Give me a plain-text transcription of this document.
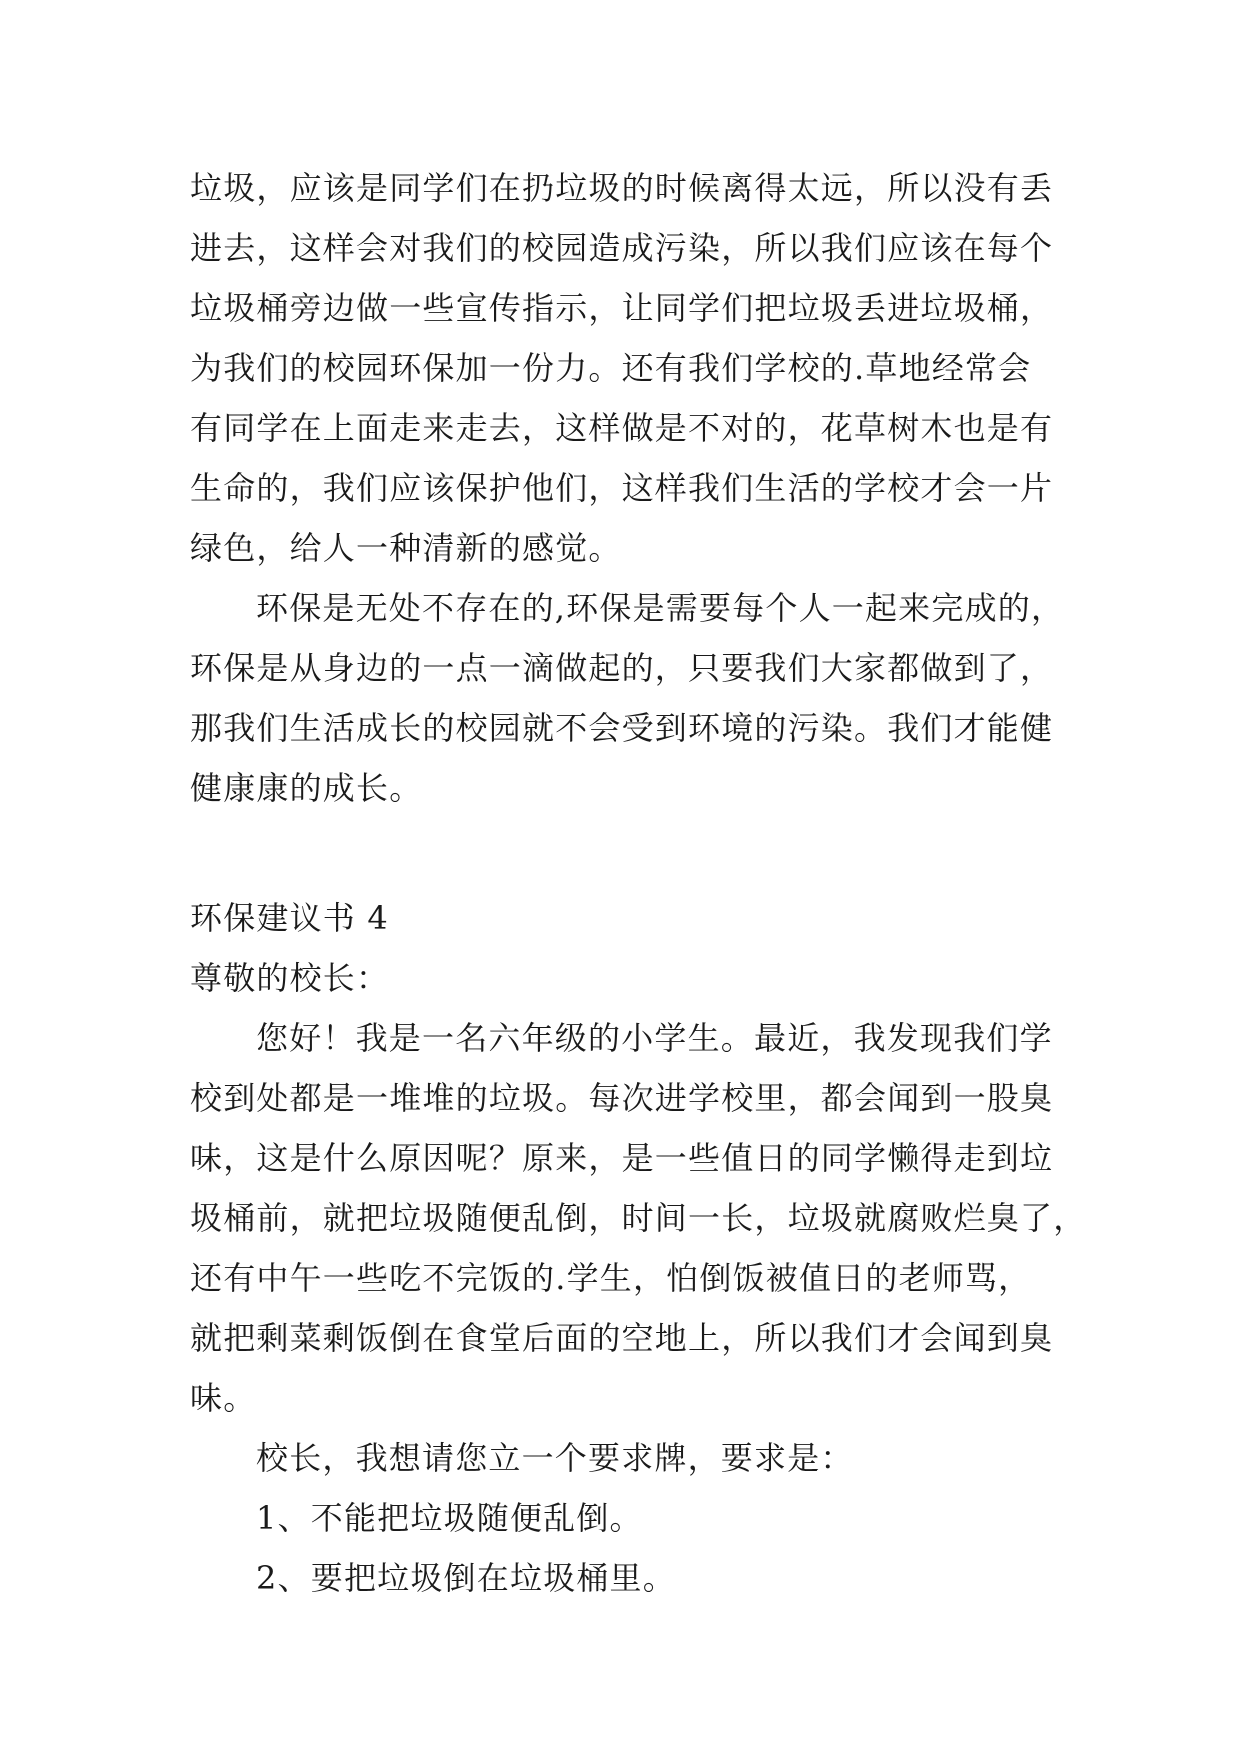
垃圾，应该是同学们在扔垃圾的时候离得太远，所以没有丢
进去，这样会对我们的校园造成污染，所以我们应该在每个
垃圾桶旁边做一些宣传指示，让同学们把垃圾丢进垃圾桶，
为我们的校园环保加一份力。还有我们学校的.草地经常会
有同学在上面走来走去，这样做是不对的，花草树木也是有
生命的，我们应该保护他们，这样我们生活的学校才会一片
绿色，给人一种清新的感觉。
环保是无处不存在的,环保是需要每个人一起来完成的，
环保是从身边的一点一滴做起的，只要我们大家都做到了，
那我们生活成长的校园就不会受到环境的污染。我们才能健
健康康的成长。
环保建议书 4
尊敬的校长：
您好！我是一名六年级的小学生。最近，我发现我们学
校到处都是一堆堆的垃圾。每次进学校里，都会闻到一股臭
味，这是什么原因呢？原来，是一些值日的同学懒得走到垃
圾桶前，就把垃圾随便乱倒，时间一长，垃圾就腐败烂臭了，
还有中午一些吃不完饭的.学生，怕倒饭被值日的老师骂，
就把剩菜剩饭倒在食堂后面的空地上，所以我们才会闻到臭
味。
校长，我想请您立一个要求牌，要求是：
1、不能把垃圾随便乱倒。
2、要把垃圾倒在垃圾桶里。
